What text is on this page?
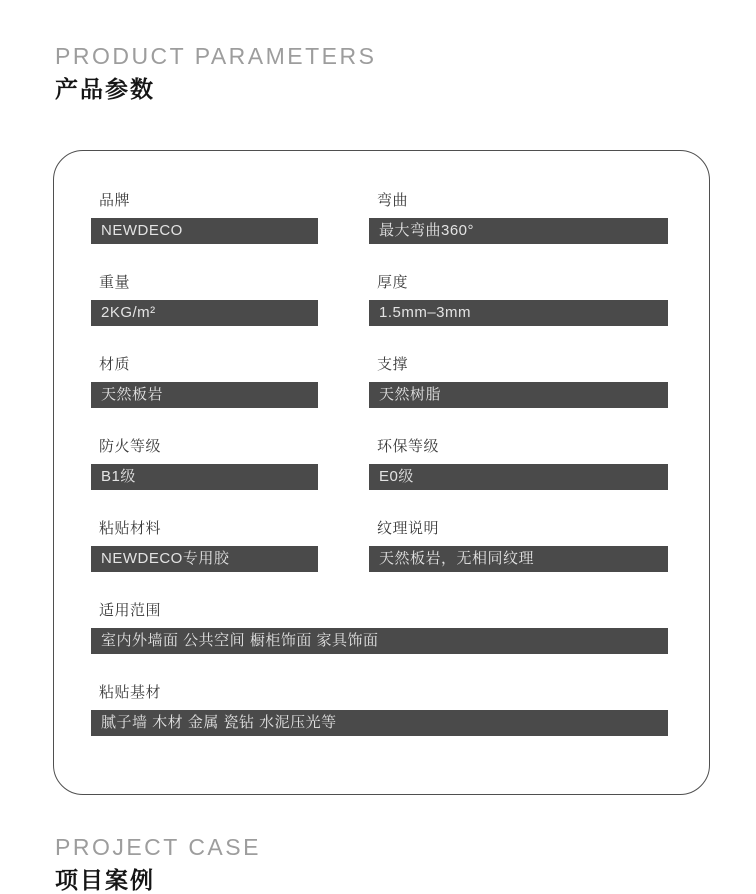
PRODUCT PARAMETERS
产品参数
品牌
NEWDECO
弯曲
最大弯曲360°
重量
2KG/m²
厚度
1.5mm–3mm
材质
天然板岩
支撑
天然树脂
防火等级
B1级
环保等级
E0级
粘贴材料
NEWDECO专用胶
纹理说明
天然板岩，无相同纹理
适用范围
室内外墙面 公共空间 橱柜饰面 家具饰面
粘贴基材
腻子墙 木材 金属 瓷钻 水泥压光等
PROJECT CASE
项目案例
